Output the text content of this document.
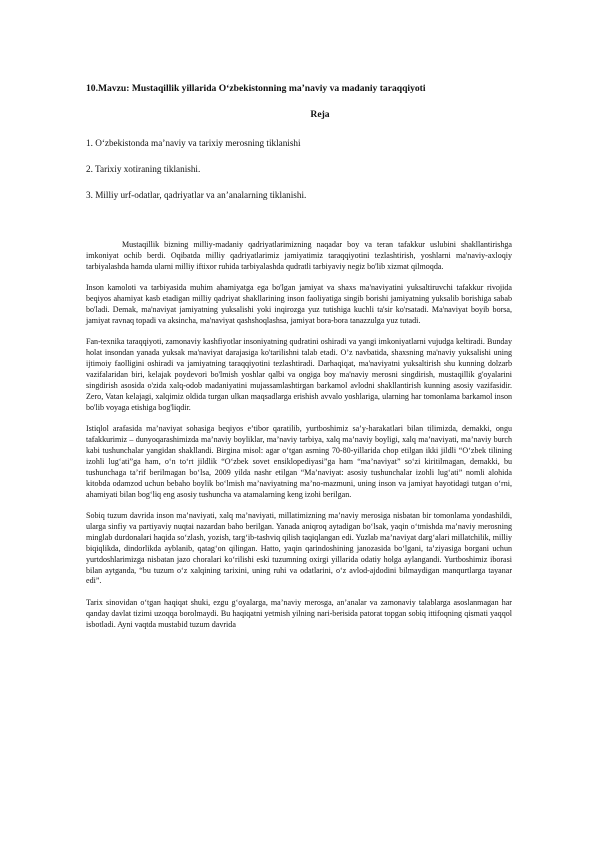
10.Mavzu: Mustaqillik yillarida O‘zbekistonning ma’naviy va madaniy taraqqiyoti
Reja
1. O‘zbekistonda ma’naviy va tarixiy merosning tiklanishi
2. Tarixiy xotiraning tiklanishi.
3. Milliy urf-odatlar, qadriyatlar va an’analarning tiklanishi.

Mustaqillik bizning milliy-madaniy qadriyatlarimizning naqadar boy va teran tafakkur uslubini shakllantirishga imkoniyat ochib berdi. Oqibatda milliy qadriyatlarimiz jamiyatimiz taraqqiyotini tezlashtirish, yoshlarni ma'naviy-axloqiy tarbiyalashda hamda ularni milliy iftixor ruhida tarbiyalashda qudratli tarbiyaviy negiz bo'lib xizmat qilmoqda.

Inson kamoloti va tarbiyasida muhim ahamiyatga ega bo'lgan jamiyat va shaxs ma'naviyatini yuksaltiruvchi tafakkur rivojida beqiyos ahamiyat kasb etadigan milliy qadriyat shakllarining inson faoliyatiga singib borishi jamiyatning yuksalib borishiga sabab bo'ladi. Demak, ma'naviyat jamiyatning yuksalishi yoki inqirozga yuz tutishiga kuchli ta'sir ko'rsatadi. Ma'naviyat boyib borsa, jamiyat ravnaq topadi va aksincha, ma'naviyat qashshoqlashsa, jamiyat bora-bora tanazzulga yuz tutadi.

Fan-texnika taraqqiyoti, zamonaviy kashfiyotlar insoniyatning qudratini oshiradi va yangi imkoniyatlarni vujudga keltiradi. Bunday holat insondan yanada yuksak ma'naviyat darajasiga ko'tarilishni talab etadi. O’z navbatida, shaxsning ma'naviy yuksalishi uning ijtimoiy faolligini oshiradi va jamiyatning taraqqiyotini tezlashtiradi. Darhaqiqat, ma'naviyatni yuksaltirish shu kunning dolzarb vazifalaridan biri, kelajak poydevori bo'lmish yoshlar qalbi va ongiga boy ma'naviy merosni singdirish, mustaqillik g'oyalarini singdirish asosida o'zida xalq-odob madaniyatini mujassamlashtirgan barkamol avlodni shakllantirish kunning asosiy vazifasidir. Zero, Vatan kelajagi, xalqimiz oldida turgan ulkan maqsadlarga erishish avvalo yoshlariga, ularning har tomonlama barkamol inson bo'lib voyaga etishiga bog'liqdir.

Istiqlol arafasida ma’naviyat sohasiga beqiyos e’tibor qaratilib, yurtboshimiz sa’y-harakatlari bilan tilimizda, demakki, ongu tafakkurimiz – dunyoqarashimizda ma’naviy boyliklar, ma’naviy tarbiya, xalq ma’naviy boyligi, xalq ma’naviyati, ma’naviy burch kabi tushunchalar yangidan shakllandi. Birgina misol: agar o‘tgan asrning 70-80-yillarida chop etilgan ikki jildli “O‘zbek tilining izohli lug‘ati”ga ham, o‘n to‘rt jildlik “O‘zbek sovet ensiklopediyasi”ga ham “ma’naviyat” so‘zi kiritilmagan, demakki, bu tushunchaga ta’rif berilmagan bo‘lsa, 2009 yilda nashr etilgan “Ma’naviyat: asosiy tushunchalar izohli lug‘ati” nomli alohida kitobda odamzod uchun bebaho boylik bo‘lmish ma’naviyatning ma’no-mazmuni, uning inson va jamiyat hayotidagi tutgan o‘rni, ahamiyati bilan bog‘liq eng asosiy tushuncha va atamalarning keng izohi berilgan.

Sobiq tuzum davrida inson ma’naviyati, xalq ma’naviyati, millatimizning ma’naviy merosiga nisbatan bir tomonlama yondashildi, ularga sinfiy va partiyaviy nuqtai nazardan baho berilgan. Yanada aniqroq aytadigan bo‘lsak, yaqin o‘tmishda ma’naviy merosning minglab durdonalari haqida so‘zlash, yozish, targ‘ib-tashviq qilish taqiqlangan edi. Yuzlab ma’naviyat darg‘alari millatchilik, milliy biqiqlikda, dindorlikda ayblanib, qatag‘on qilingan. Hatto, yaqin qarindoshining janozasida bo‘lgani, ta’ziyasiga borgani uchun yurtdoshlarimizga nisbatan jazo choralari ko‘rilishi eski tuzumning oxirgi yillarida odatiy holga aylangandi. Yurtboshimiz iborasi bilan aytganda, “bu tuzum o‘z xalqining tarixini, uning ruhi va odatlarini, o‘z avlod-ajdodini bilmaydigan manqurtlarga tayanar edi”.

Tarix sinovidan o‘tgan haqiqat shuki, ezgu g‘oyalarga, ma’naviy merosga, an’analar va zamonaviy talablarga asoslanmagan har qanday davlat tizimi uzoqqa borolmaydi. Bu haqiqatni yetmish yilning nari-berisida patorat topgan sobiq ittifoqning qismati yaqqol isbotladi. Ayni vaqtda mustabid tuzum davrida
